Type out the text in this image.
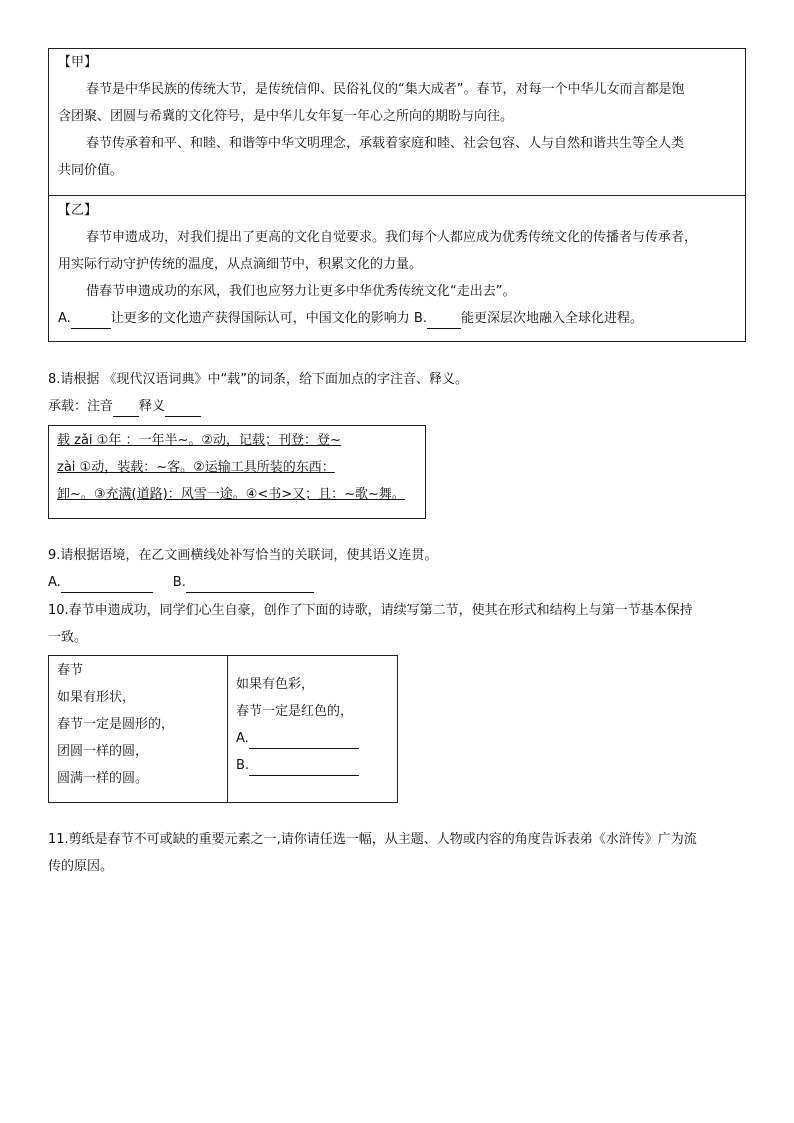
【甲】
春节是中华民族的传统大节，是传统信仰、民俗礼仪的“集大成者”。春节，对每一个中华儿女而言都是饱
含团聚、团圆与希冀的文化符号，是中华儿女年复一年心之所向的期盼与向往。
春节传承着和平、和睦、和谐等中华文明理念，承载着家庭和睦、社会包容、人与自然和谐共生等全人类
共同价值。
【乙】
春节申遗成功，对我们提出了更高的文化自觉要求。我们每个人都应成为优秀传统文化的传播者与传承者，
用实际行动守护传统的温度，从点滴细节中，积累文化的力量。
借春节申遗成功的东风，我们也应努力让更多中华优秀传统文化“走出去”。
A.	让更多的文化遗产获得国际认可，中国文化的影响力 B.	能更深层次地融入全球化进程。
8.请根据 《现代汉语词典》中“载”的词条，给下面加点的字注音、释义。
承载：注音 释义
载 zǎi ①年 ：一年半~。②动，记载；刊登：登~
zài ①动，装载：~客。②运输工具所装的东西：
卸~。③充满(道路)：风雪一途。④<书>又；且：~歌~舞。
9.请根据语境，在乙文画横线处补写恰当的关联词，使其语义连贯。
A.	B.
10.春节申遗成功，同学们心生自豪，创作了下面的诗歌，请续写第二节，使其在形式和结构上与第一节基本保持
一致。
春节
如果有形状，
春节一定是圆形的，
团圆一样的圆，
圆满一样的圆。
如果有色彩，
春节一定是红色的，
A.
B.
11.剪纸是春节不可或缺的重要元素之一,请你请任选一幅，从主题、人物或内容的角度告诉表弟《水浒传》广为流
传的原因。
